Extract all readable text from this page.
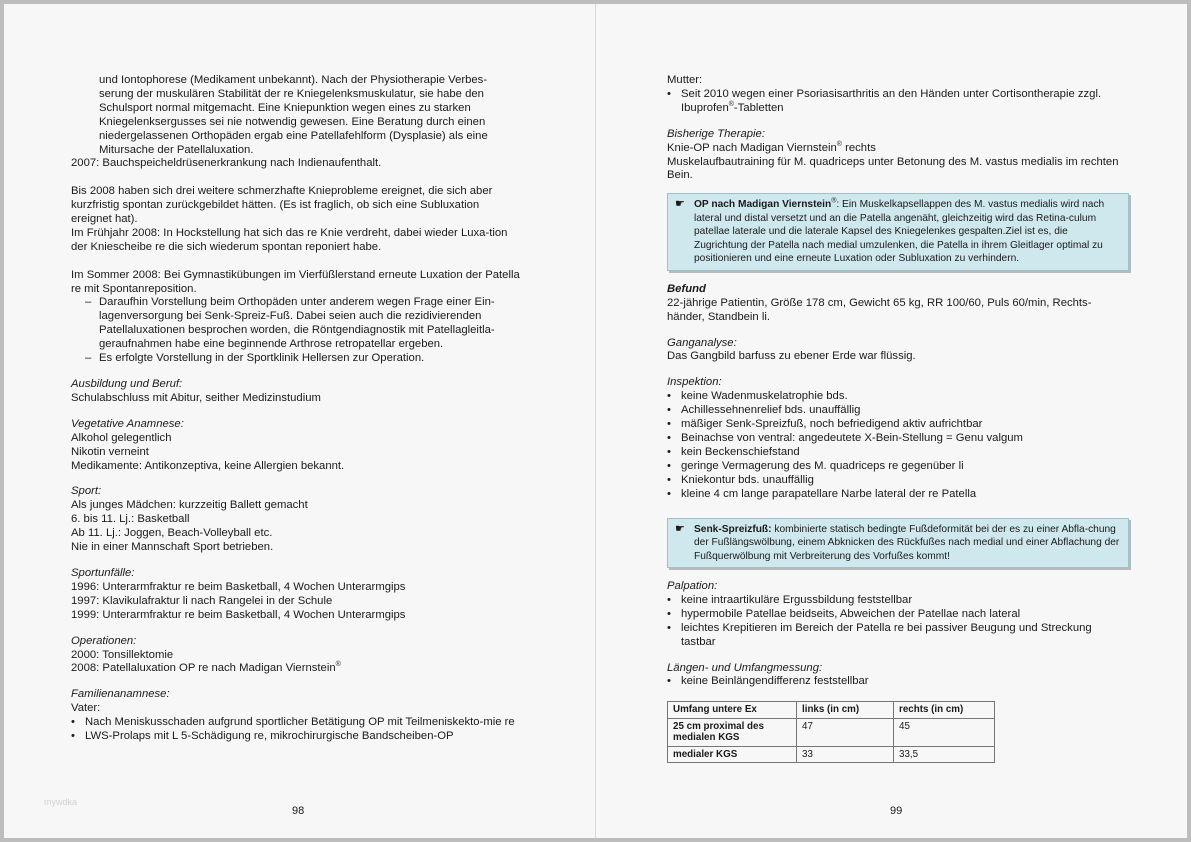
und Iontophorese (Medikament unbekannt). Nach der Physiotherapie Verbes-

serung der muskulären Stabilität der re Kniegelenksmuskulatur, sie habe den

Schulsport normal mitgemacht. Eine Kniepunktion wegen eines zu starken

Kniegelenksergusses sei nie notwendig gewesen. Eine Beratung durch einen

niedergelassenen Orthopäden ergab eine Patellafehlform (Dysplasie) als eine

Mitursache der Patellaluxation.

2007: Bauchspeicheldrüsenerkrankung nach Indienaufenthalt.

Bis 2008 haben sich drei weitere schmerzhafte Knieprobleme ereignet, die sich aber kurzfristig spontan zurückgebildet hätten. (Es ist fraglich, ob sich eine Subluxation ereignet hat).

Im Frühjahr 2008: In Hockstellung hat sich das re Knie verdreht, dabei wieder Luxa-tion der Kniescheibe re die sich wiederum spontan reponiert habe.

Im Sommer 2008: Bei Gymnastikübungen im Vierfüßlerstand erneute Luxation der Patella re mit Spontanreposition.

– Daraufhin Vorstellung beim Orthopäden unter anderem wegen Frage einer Ein-lagenversorgung bei Senk-Spreiz-Fuß. Dabei seien auch die rezidivierenden Patellaluxationen besprochen worden, die Röntgendiagnostik mit Patellagleitla-geraufnahmen habe eine beginnende Arthrose retropatellar ergeben.
– Es erfolgte Vorstellung in der Sportklinik Hellersen zur Operation.

Ausbildung und Beruf:

Schulabschluss mit Abitur, seither Medizinstudium

Vegetative Anamnese:

Alkohol gelegentlich

Nikotin verneint

Medikamente: Antikonzeptiva, keine Allergien bekannt.

Sport:

Als junges Mädchen: kurzzeitig Ballett gemacht

6. bis 11. Lj.: Basketball

Ab 11. Lj.: Joggen, Beach-Volleyball etc.

Nie in einer Mannschaft Sport betrieben.

Sportunfälle:

1996: Unterarmfraktur re beim Basketball, 4 Wochen Unterarmgips

1997: Klavikulafraktur li nach Rangelei in der Schule

1999: Unterarmfraktur re beim Basketball, 4 Wochen Unterarmgips

Operationen:

2000: Tonsillektomie

2008: Patellaluxation OP re nach Madigan Viernstein®

Familienanamnese:

Vater:

• Nach Meniskusschaden aufgrund sportlicher Betätigung OP mit Teilmeniskekto-mie re
• LWS-Prolaps mit L 5-Schädigung re, mikrochirurgische Bandscheiben-OP
mywdka
98

Mutter:

• Seit 2010 wegen einer Psoriasisarthritis an den Händen unter Cortisontherapie zzgl. Ibuprofen®-Tabletten

Bisherige Therapie:

Knie-OP nach Madigan Viernstein® rechts

Muskelaufbautraining für M. quadriceps unter Betonung des M. vastus medialis im rechten Bein.

☛ OP nach Madigan Viernstein®: Ein Muskelkapsellappen des M. vastus medialis wird nach lateral und distal versetzt und an die Patella angenäht, gleichzeitig wird das Retina-culum patellae laterale und die laterale Kapsel des Kniegelenkes gespalten.Ziel ist es, die Zugrichtung der Patella nach medial umzulenken, die Patella in ihrem Gleitlager optimal zu positionieren und eine erneute Luxation oder Subluxation zu verhindern.

Befund

22-jährige Patientin, Größe 178 cm, Gewicht 65 kg, RR 100/60, Puls 60/min, Rechts-händer, Standbein li.

Ganganalyse:

Das Gangbild barfuss zu ebener Erde war flüssig.

Inspektion:

• keine Wadenmuskelatrophie bds.
• Achillessehnenrelief bds. unauffällig
• mäßiger Senk-Spreizfuß, noch befriedigend aktiv aufrichtbar
• Beinachse von ventral: angedeutete X-Bein-Stellung = Genu valgum
• kein Beckenschiefstand
• geringe Vermagerung des M. quadriceps re gegenüber li
• Kniekontur bds. unauffällig
• kleine 4 cm lange parapatellare Narbe lateral der re Patella
☛ Senk-Spreizfuß: kombinierte statisch bedingte Fußdeformität bei der es zu einer Abfla-chung der Fußlängswölbung, einem Abknicken des Rückfußes nach medial und einer Abflachung der Fußquerwölbung mit Verbreiterung des Vorfußes kommt!

Palpation:

• keine intraartikuläre Ergussbildung feststellbar
• hypermobile Patellae beidseits, Abweichen der Patellae nach lateral
• leichtes Krepitieren im Bereich der Patella re bei passiver Beugung und Streckung tastbar

Längen- und Umfangmessung:

• keine Beinlängendifferenz feststellbar
Umfang untere Ex	links (in cm)	rechts (in cm)
25 cm proximal des medialen KGS	47	45
medialer KGS	33	33,5
99
